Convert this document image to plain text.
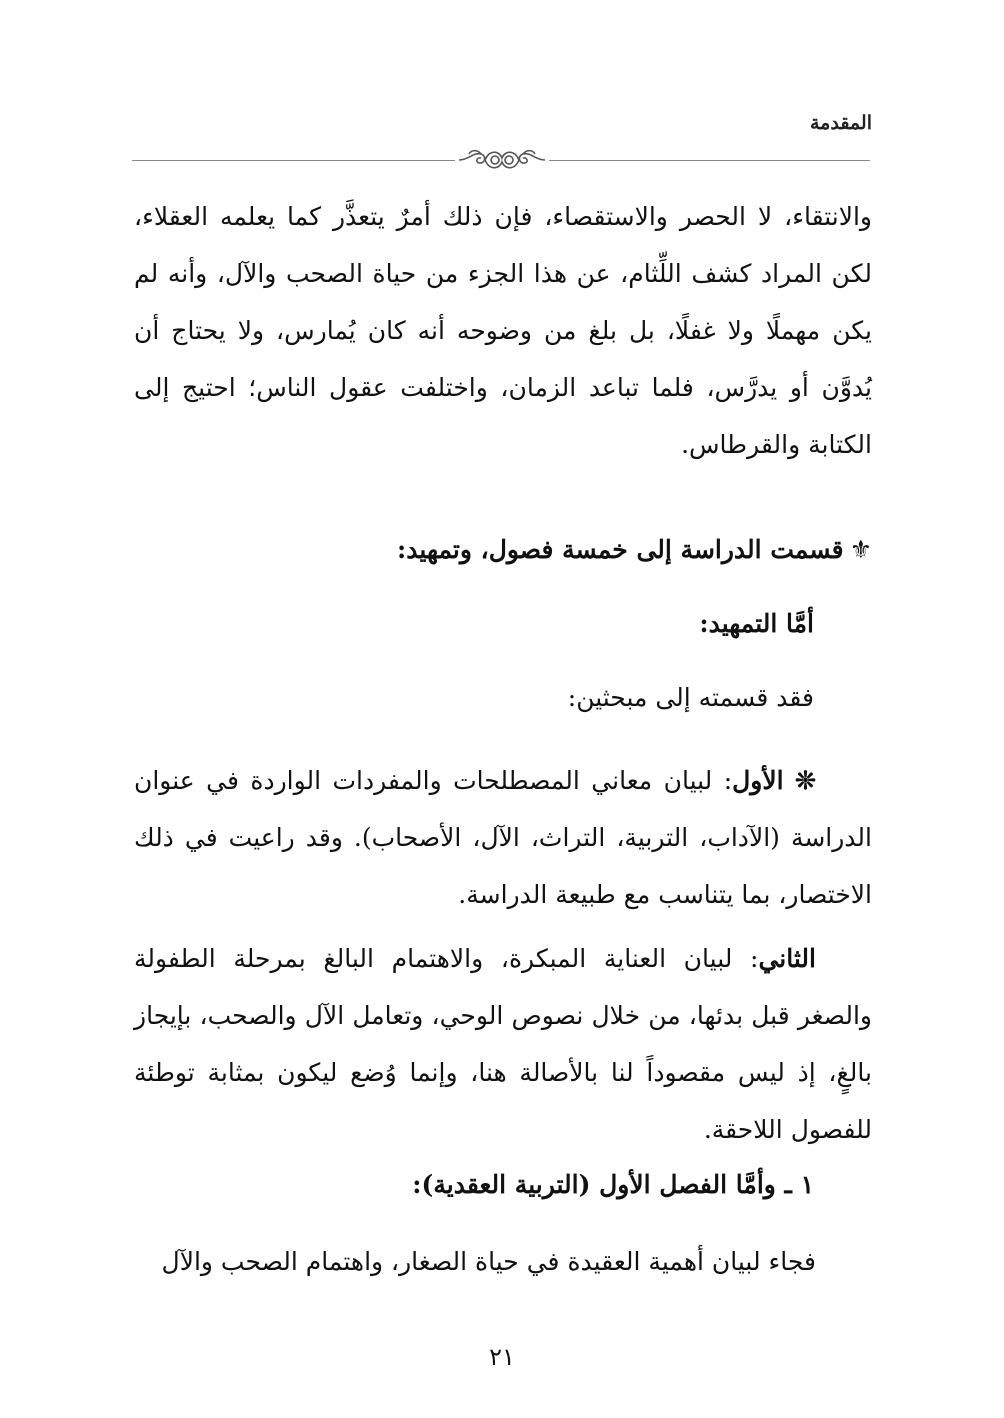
المقدمة

والانتقاء، لا الحصر والاستقصاء، فإن ذلك أمرٌ يتعذَّر كما يعلمه العقلاء، لكن المراد كشف اللِّثام، عن هذا الجزء من حياة الصحب والآل، وأنه لم يكن مهملًا ولا غفلًا، بل بلغ من وضوحه أنه كان يُمارس، ولا يحتاج أن يُدوَّن أو يدرَّس، فلما تباعد الزمان، واختلفت عقول الناس؛ احتيج إلى الكتابة والقرطاس.

⚜قسمت الدراسة إلى خمسة فصول، وتمهيد:
أمَّا التمهيد:
فقد قسمته إلى مبحثين:

❊ الأول: لبيان معاني المصطلحات والمفردات الواردة في عنوان الدراسة (الآداب، التربية، التراث، الآل، الأصحاب). وقد راعيت في ذلك الاختصار، بما يتناسب مع طبيعة الدراسة.

الثاني: لبيان العناية المبكرة، والاهتمام البالغ بمرحلة الطفولة والصغر قبل بدئها، من خلال نصوص الوحي، وتعامل الآل والصحب، بإيجاز بالغٍ، إذ ليس مقصوداً لنا بالأصالة هنا، وإنما وُضع ليكون بمثابة توطئة للفصول اللاحقة.

١ ـ وأمَّا الفصل الأول (التربية العقدية):

فجاء لبيان أهمية العقيدة في حياة الصغار، واهتمام الصحب والآل

٢١
